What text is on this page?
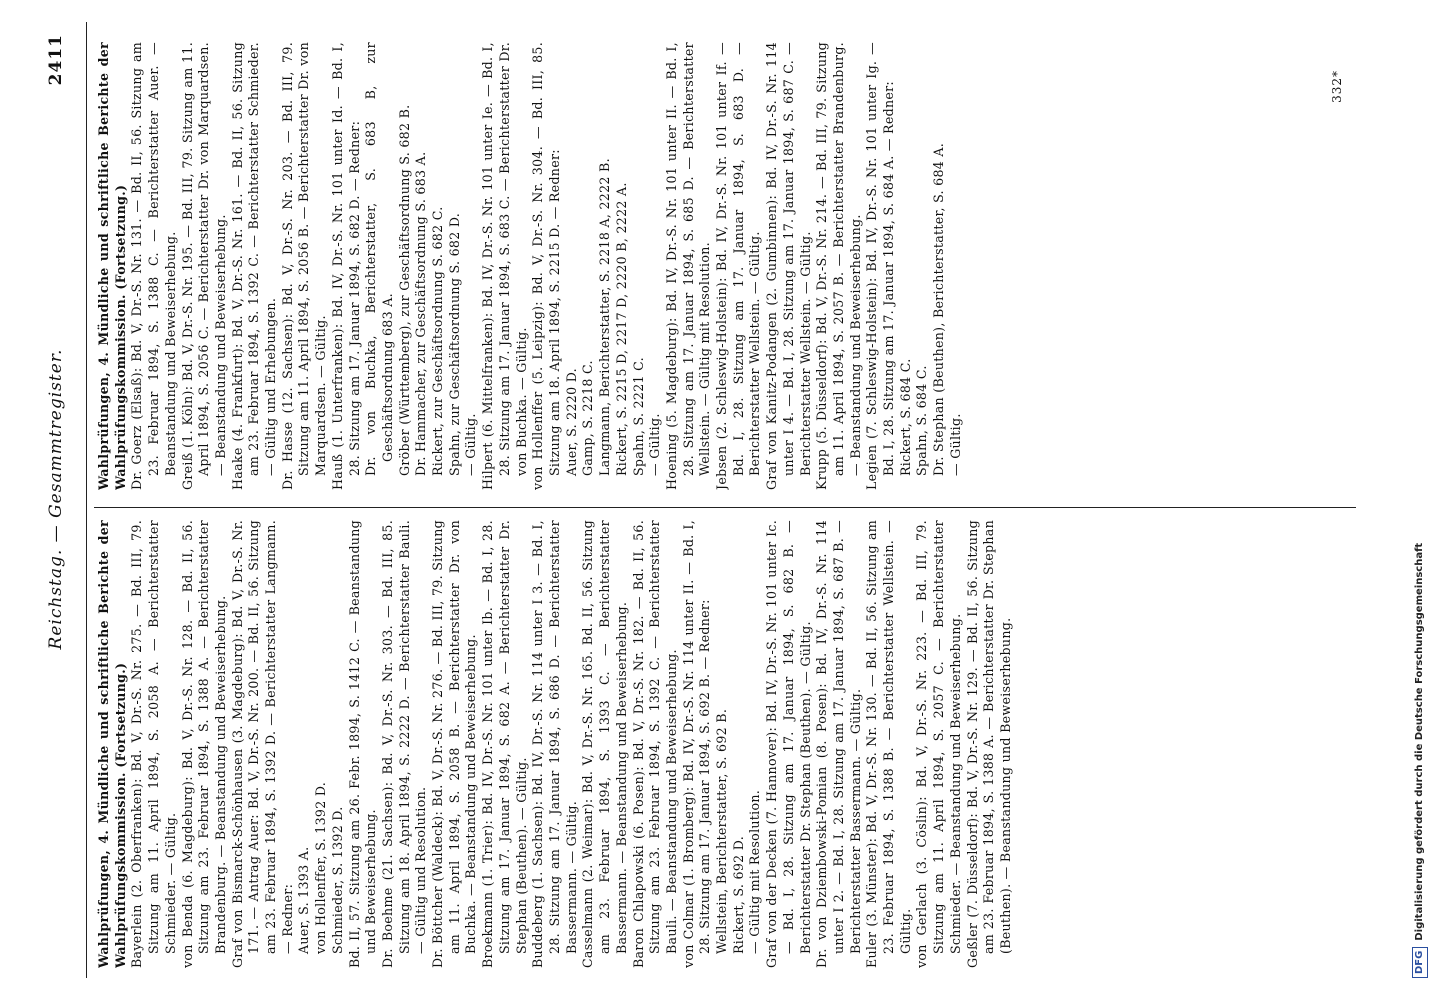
Reichstag. — Gesammtregister.
2411

Wahlprüfungen, 4. Mündliche und schriftliche Berichte der Wahlprüfungskommission. (Fortsetzung.) Bayerlein (2. Oberfranken): Bd. V, Dr.-S. Nr. 275. — Bd. III, 79. Sitzung am 11. April 1894, S. 2058 A. — Berichterstatter Schmieder. — Gültig. von Benda (6. Magdeburg): Bd. V, Dr.-S. Nr. 128. — Bd. II, 56. Sitzung am 23. Februar 1894, S. 1388 A. — Berichterstatter Brandenburg. — Beanstandung und Beweiserhebung. Graf von Bismarck-Schönhausen (3. Magdeburg): Bd. V, Dr.-S. Nr. 171. — Antrag Auer: Bd. V, Dr.-S. Nr. 200. — Bd. II, 56. Sitzung am 23. Februar 1894, S. 1392 D. — Berichterstatter Langmann. — Redner: Auer, S. 1393 A. von Hollenffer, S. 1392 D. Schmieder, S. 1392 D. Bd. II, 57. Sitzung am 26. Febr. 1894, S. 1412 C. — Beanstandung und Beweiserhebung. Dr. Boehme (21. Sachsen): Bd. V, Dr.-S. Nr. 303. — Bd. III, 85. Sitzung am 18. April 1894, S. 2222 D. — Berichterstatter Bauli. — Gültig und Resolution. Dr. Böttcher (Waldeck): Bd. V, Dr.-S. Nr. 276. — Bd. III, 79. Sitzung am 11. April 1894, S. 2058 B. — Berichterstatter Dr. von Buchka. — Beanstandung und Beweiserhebung. Broekmann (1. Trier): Bd. IV, Dr.-S. Nr. 101 unter Ib. — Bd. I, 28. Sitzung am 17. Januar 1894, S. 682 A. — Berichterstatter Dr. Stephan (Beuthen). — Gültig. Buddeberg (1. Sachsen): Bd. IV, Dr.-S. Nr. 114 unter I 3. — Bd. I, 28. Sitzung am 17. Januar 1894, S. 686 D. — Berichterstatter Bassermann. — Gültig. Casselmann (2. Weimar): Bd. V, Dr.-S. Nr. 165. Bd. II, 56. Sitzung am 23. Februar 1894, S. 1393 C. — Berichterstatter Bassermann. — Beanstandung und Beweiserhebung. Baron Chlapowski (6. Posen): Bd. V, Dr.-S. Nr. 182. — Bd. II, 56. Sitzung am 23. Februar 1894, S. 1392 C. — Berichterstatter Bauli. — Beanstandung und Beweiserhebung. von Colmar (1. Bromberg): Bd. IV, Dr.-S. Nr. 114 unter II. — Bd. I, 28. Sitzung am 17. Januar 1894, S. 692 B. — Redner: Wellstein, Berichterstatter, S. 692 B. Rickert, S. 692 D. — Gültig mit Resolution. Graf von der Decken (7. Hannover): Bd. IV, Dr.-S. Nr. 101 unter Ic. — Bd. I, 28. Sitzung am 17. Januar 1894, S. 682 B. — Berichterstatter Dr. Stephan (Beuthen). — Gültig. Dr. von Dziembowski-Pomian (8. Posen): Bd. IV, Dr.-S. Nr. 114 unter I 2. — Bd. I, 28. Sitzung am 17. Januar 1894, S. 687 B. — Berichterstatter Bassermann. — Gültig. Euler (3. Münster): Bd. V, Dr.-S. Nr. 130. — Bd. II, 56. Sitzung am 23. Februar 1894, S. 1388 B. — Berichterstatter Wellstein. — Gültig. von Gerlach (3. Cöslin): Bd. V, Dr.-S. Nr. 223. — Bd. III, 79. Sitzung am 11. April 1894, S. 2057 C. — Berichterstatter Schmieder. — Beanstandung und Beweiserhebung. Geßler (7. Düsseldorf): Bd. V, Dr.-S. Nr. 129. — Bd. II, 56. Sitzung am 23. Februar 1894, S. 1388 A. — Berichterstatter Dr. Stephan (Beuthen). — Beanstandung und Beweiserhebung.

Wahlprüfungen, 4. Mündliche und schriftliche Berichte der Wahlprüfungskommission. (Fortsetzung.) Dr. Goerz (Elsaß): Bd. V, Dr.-S. Nr. 131. — Bd. II, 56. Sitzung am 23. Februar 1894, S. 1388 C. — Berichterstatter Auer. — Beanstandung und Beweiserhebung. Greiß (1. Köln): Bd. V, Dr.-S. Nr. 195. — Bd. III, 79. Sitzung am 11. April 1894, S. 2056 C. — Berichterstatter Dr. von Marquardsen. — Beanstandung und Beweiserhebung. Haake (4. Frankfurt): Bd. V, Dr.-S. Nr. 161. — Bd. II, 56. Sitzung am 23. Februar 1894, S. 1392 C. — Berichterstatter Schmieder. — Gültig und Erhebungen. Dr. Hasse (12. Sachsen): Bd. V, Dr.-S. Nr. 203. — Bd. III, 79. Sitzung am 11. April 1894, S. 2056 B. — Berichterstatter Dr. von Marquardsen. — Gültig. Hauß (1. Unterfranken): Bd. IV, Dr.-S. Nr. 101 unter Id. — Bd. I, 28. Sitzung am 17. Januar 1894, S. 682 D. — Redner: Dr. von Buchka, Berichterstatter, S. 683 B, zur Geschäftsordnung 683 A. Gröber (Württemberg), zur Geschäftsordnung S. 682 B. Dr. Hammacher, zur Geschäftsordnung S. 683 A. Rickert, zur Geschäftsordnung S. 682 C. Spahn, zur Geschäftsordnung S. 682 D. — Gültig. Hilpert (6. Mittelfranken): Bd. IV, Dr.-S. Nr. 101 unter Ie. — Bd. I, 28. Sitzung am 17. Januar 1894, S. 683 C. — Berichterstatter Dr. von Buchka. — Gültig. von Hollenffer (5. Leipzig): Bd. V, Dr.-S. Nr. 304. — Bd. III, 85. Sitzung am 18. April 1894, S. 2215 D. — Redner: Auer, S. 2220 D. Gamp, S. 2218 C. Langmann, Berichterstatter, S. 2218 A, 2222 B. Rickert, S. 2215 D, 2217 D, 2220 B, 2222 A. Spahn, S. 2221 C. — Gültig. Hoening (5. Magdeburg): Bd. IV, Dr.-S. Nr. 101 unter II. — Bd. I, 28. Sitzung am 17. Januar 1894, S. 685 D. — Berichterstatter Wellstein. — Gültig mit Resolution. Jebsen (2. Schleswig-Holstein): Bd. IV, Dr.-S. Nr. 101 unter If. — Bd. I, 28. Sitzung am 17. Januar 1894, S. 683 D. — Berichterstatter Wellstein. — Gültig. Graf von Kanitz-Podangen (2. Gumbinnen): Bd. IV, Dr.-S. Nr. 114 unter I 4. — Bd. I, 28. Sitzung am 17. Januar 1894, S. 687 C. — Berichterstatter Wellstein. — Gültig. Krupp (5. Düsseldorf): Bd. V, Dr.-S. Nr. 214. — Bd. III, 79. Sitzung am 11. April 1894, S. 2057 B. — Berichterstatter Brandenburg. — Beanstandung und Beweiserhebung. Legien (7. Schleswig-Holstein): Bd. IV, Dr.-S. Nr. 101 unter Ig. — Bd. I, 28. Sitzung am 17. Januar 1894, S. 684 A. — Redner: Rickert, S. 684 C. Spahn, S. 684 C. Dr. Stephan (Beuthen), Berichterstatter, S. 684 A. — Gültig.

332*
DFGDigitalisierung gefördert durch die Deutsche Forschungsgemeinschaft
